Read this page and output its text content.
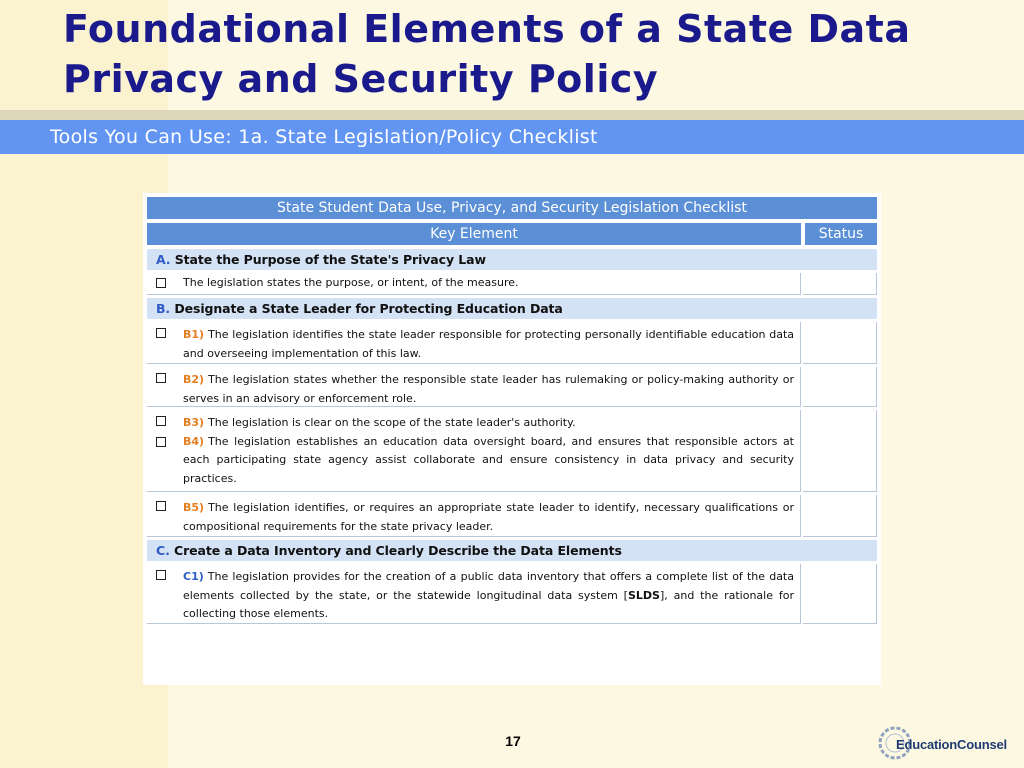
Foundational Elements of a State Data Privacy and Security Policy

Tools You Can Use: 1a. State Legislation/Policy Checklist

State Student Data Use, Privacy, and Security Legislation Checklist
Key Element	Status
A. State the Purpose of the State's Privacy Law
The legislation states the purpose, or intent, of the measure.
B. Designate a State Leader for Protecting Education Data
B1) The legislation identifies the state leader responsible for protecting personally identifiable education data and overseeing implementation of this law.
B2) The legislation states whether the responsible state leader has rulemaking or policy-making authority or serves in an advisory or enforcement role.
B3) The legislation is clear on the scope of the state leader's authority.
B4) The legislation establishes an education data oversight board, and ensures that responsible actors at each participating state agency assist collaborate and ensure consistency in data privacy and security practices.
B5) The legislation identifies, or requires an appropriate state leader to identify, necessary qualifications or compositional requirements for the state privacy leader.
C. Create a Data Inventory and Clearly Describe the Data Elements
C1) The legislation provides for the creation of a public data inventory that offers a complete list of the data elements collected by the state, or the statewide longitudinal data system [SLDS], and the rationale for collecting those elements.
17	EducationCounsel
